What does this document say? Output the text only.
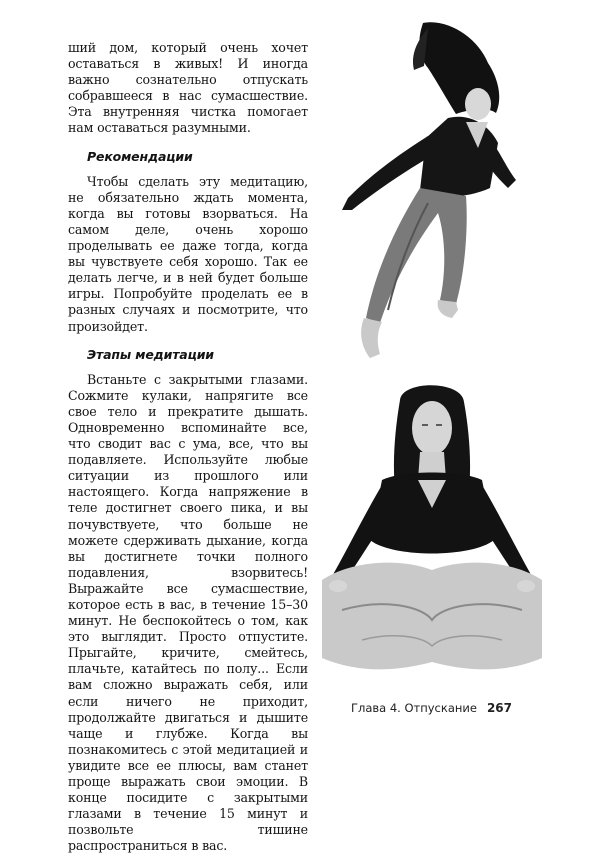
ший дом, который очень хочет оставаться в живых! И иногда важно сознательно отпускать собравшееся в нас сумасшествие. Эта внутренняя чистка помогает нам оставаться разумными.

Рекомендации

Чтобы сделать эту медитацию, не обязательно ждать момента, когда вы готовы взорваться. На самом деле, очень хорошо проделывать ее даже тогда, когда вы чувствуете себя хорошо. Так ее делать легче, и в ней будет больше игры. Попробуйте проделать ее в разных случаях и посмотрите, что произойдет.

Этапы медитации

Встаньте с закрытыми глазами. Сожмите кулаки, напрягите все свое тело и прекратите дышать. Одновременно вспоминайте все, что сводит вас с ума, все, что вы подавляете. Используйте любые ситуации из прошлого или настоящего. Когда напряжение в теле достигнет своего пика, и вы почувствуете, что больше не можете сдерживать дыхание, когда вы достигнете точки полного подавления, взорвитесь! Выражайте все сумасшествие, которое есть в вас, в течение 15–30 минут. Не беспокойтесь о том, как это выглядит. Просто отпустите. Прыгайте, кричите, смейтесь, плачьте, катайтесь по полу... Если вам сложно выражать себя, или если ничего не приходит, продолжайте двигаться и дышите чаще и глубже. Когда вы познакомитесь с этой медитацией и увидите все ее плюсы, вам станет проще выражать свои эмоции. В конце посидите с закрытыми глазами в течение 15 минут и позвольте тишине распространиться в вас.

Глава 4. Отпускание 267
